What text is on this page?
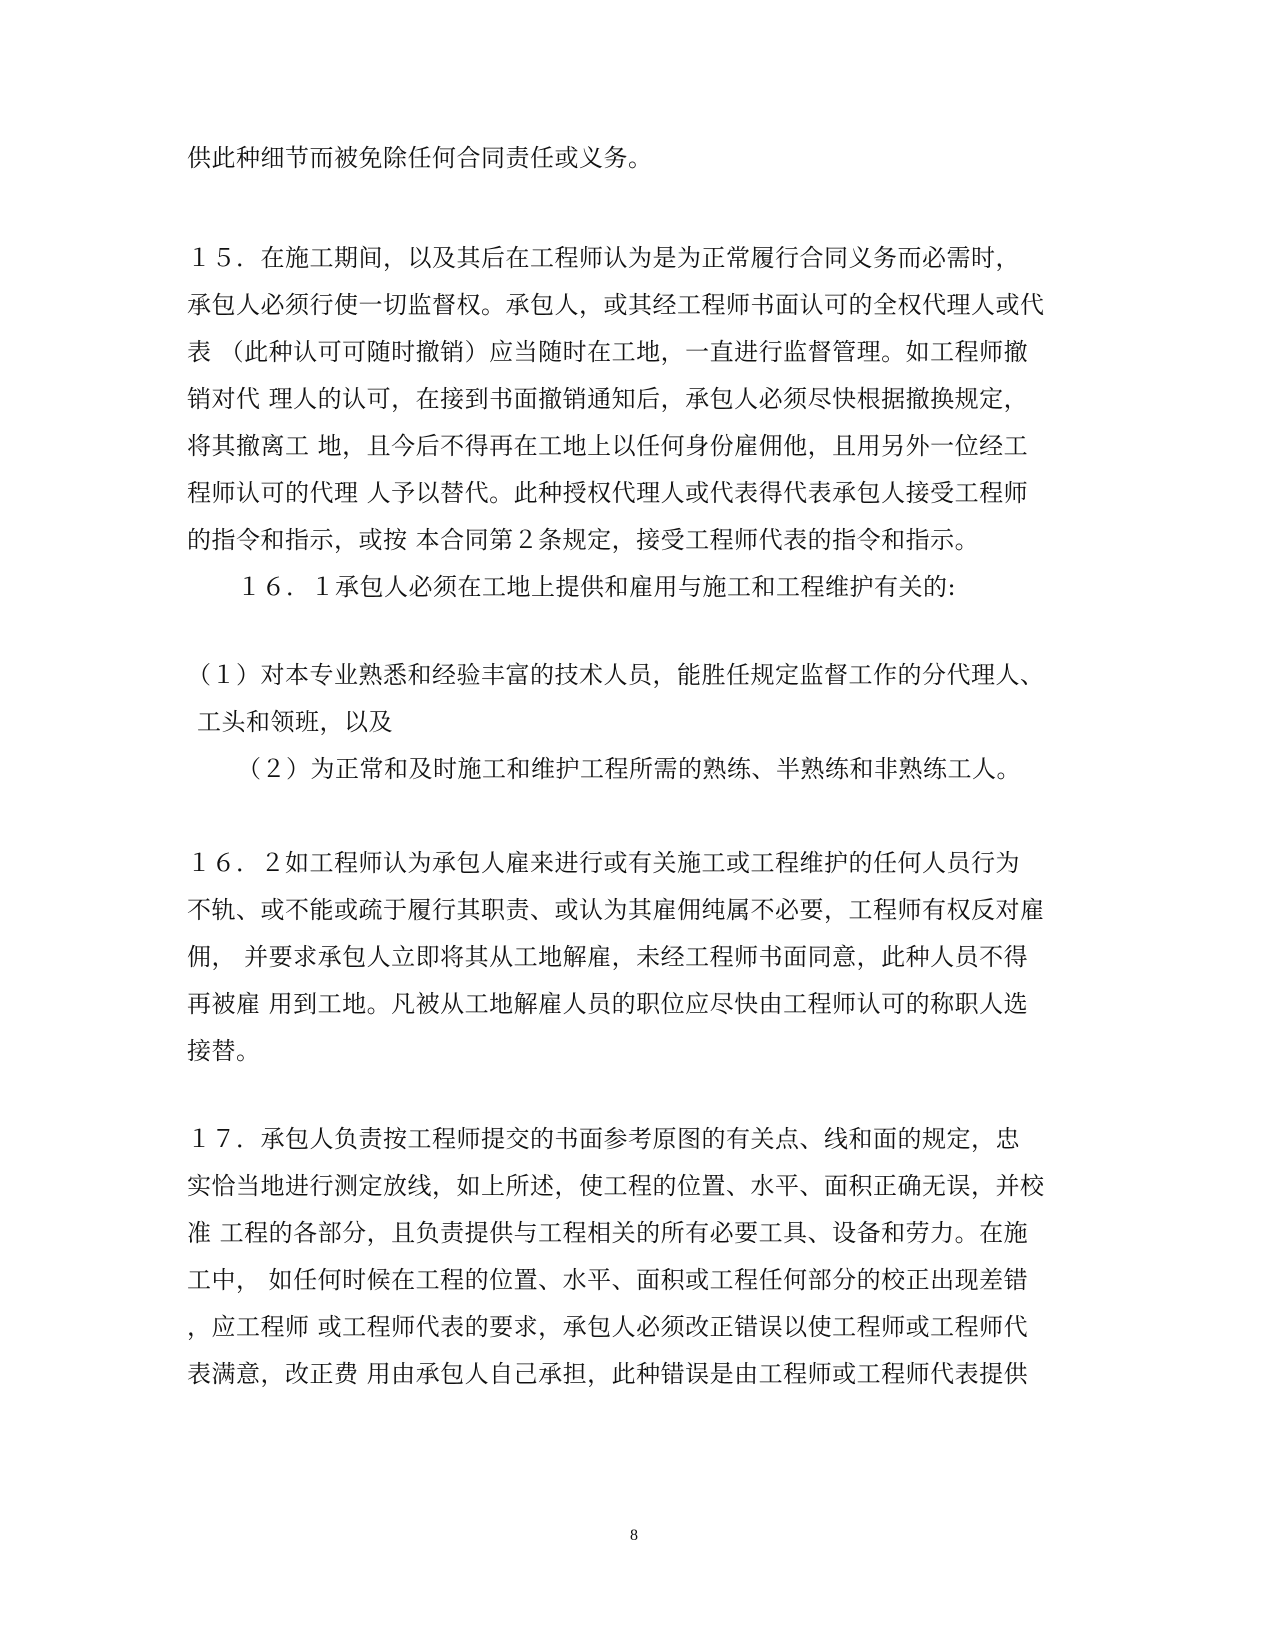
供此种细节而被免除任何合同责任或义务。
１５．在施工期间，以及其后在工程师认为是为正常履行合同义务而必需时，
承包人必须行使一切监督权。承包人，或其经工程师书面认可的全权代理人或代
表 （此种认可可随时撤销）应当随时在工地，一直进行监督管理。如工程师撤
销对代 理人的认可，在接到书面撤销通知后，承包人必须尽快根据撤换规定，
将其撤离工 地，且今后不得再在工地上以任何身份雇佣他，且用另外一位经工
程师认可的代理 人予以替代。此种授权代理人或代表得代表承包人接受工程师
的指令和指示，或按 本合同第２条规定，接受工程师代表的指令和指示。
１６．１承包人必须在工地上提供和雇用与施工和工程维护有关的:
（１）对本专业熟悉和经验丰富的技术人员，能胜任规定监督工作的分代理人、
工头和领班，以及
（２）为正常和及时施工和维护工程所需的熟练、半熟练和非熟练工人。
１６．２如工程师认为承包人雇来进行或有关施工或工程维护的任何人员行为
不轨、或不能或疏于履行其职责、或认为其雇佣纯属不必要，工程师有权反对雇
佣， 并要求承包人立即将其从工地解雇，未经工程师书面同意，此种人员不得
再被雇 用到工地。凡被从工地解雇人员的职位应尽快由工程师认可的称职人选
接替。
１７．承包人负责按工程师提交的书面参考原图的有关点、线和面的规定，忠
实恰当地进行测定放线，如上所述，使工程的位置、水平、面积正确无误，并校
准 工程的各部分，且负责提供与工程相关的所有必要工具、设备和劳力。在施
工中， 如任何时候在工程的位置、水平、面积或工程任何部分的校正出现差错
，应工程师 或工程师代表的要求，承包人必须改正错误以使工程师或工程师代
表满意，改正费 用由承包人自己承担，此种错误是由工程师或工程师代表提供
8
